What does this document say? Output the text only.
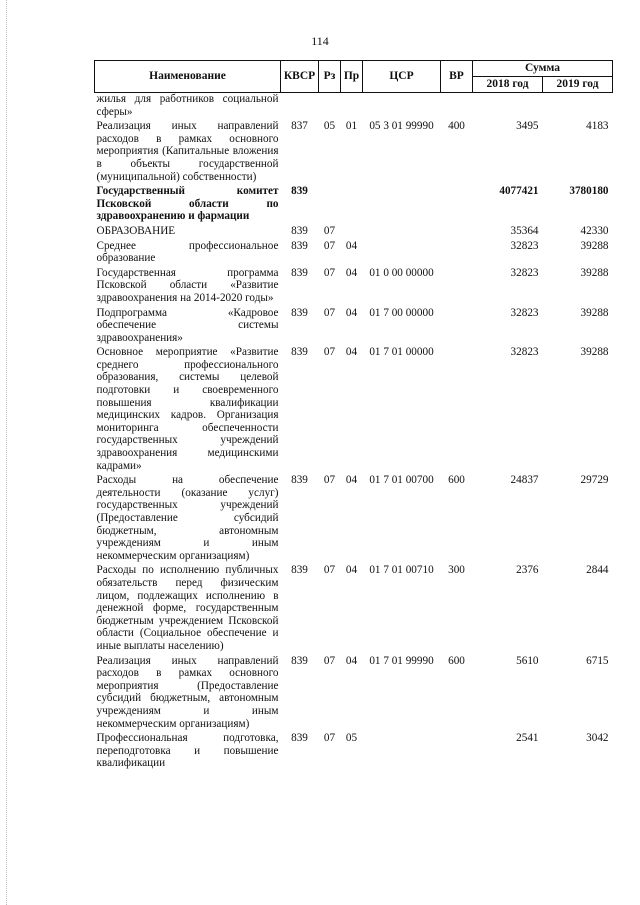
114
Наименование	КВСР	Рз	Пр	ЦСР	ВР	Сумма	
						2018 год	2019 год
жилья для работников социальной сферы»							
Реализация иных направлений расходов в рамках основного мероприятия (Капитальные вложения в объекты государственной (муниципальной) собственности)	837	05	01	05 3 01 99990	400	3495	4183
Государственный комитет Псковской области по здравоохранению и фармации	839					4077421	3780180
ОБРАЗОВАНИЕ	839	07				35364	42330
Среднее профессиональное образование	839	07	04			32823	39288
Государственная программа Псковской области «Развитие здравоохранения на 2014-2020 годы»	839	07	04	01 0 00 00000		32823	39288
Подпрограмма «Кадровое обеспечение системы здравоохранения»	839	07	04	01 7 00 00000		32823	39288
Основное мероприятие «Развитие среднего профессионального образования, системы целевой подготовки и своевременного повышения квалификации медицинских кадров. Организация мониторинга обеспеченности государственных учреждений здравоохранения медицинскими кадрами»	839	07	04	01 7 01 00000		32823	39288
Расходы на обеспечение деятельности (оказание услуг) государственных учреждений (Предоставление субсидий бюджетным, автономным учреждениям и иным некоммерческим организациям)	839	07	04	01 7 01 00700	600	24837	29729
Расходы по исполнению публичных обязательств перед физическим лицом, подлежащих исполнению в денежной форме, государственным бюджетным учреждением Псковской области (Социальное обеспечение и иные выплаты населению)	839	07	04	01 7 01 00710	300	2376	2844
Реализация иных направлений расходов в рамках основного мероприятия (Предоставление субсидий бюджетным, автономным учреждениям и иным некоммерческим организациям)	839	07	04	01 7 01 99990	600	5610	6715
Профессиональная подготовка, переподготовка и повышение квалификации	839	07	05			2541	3042
